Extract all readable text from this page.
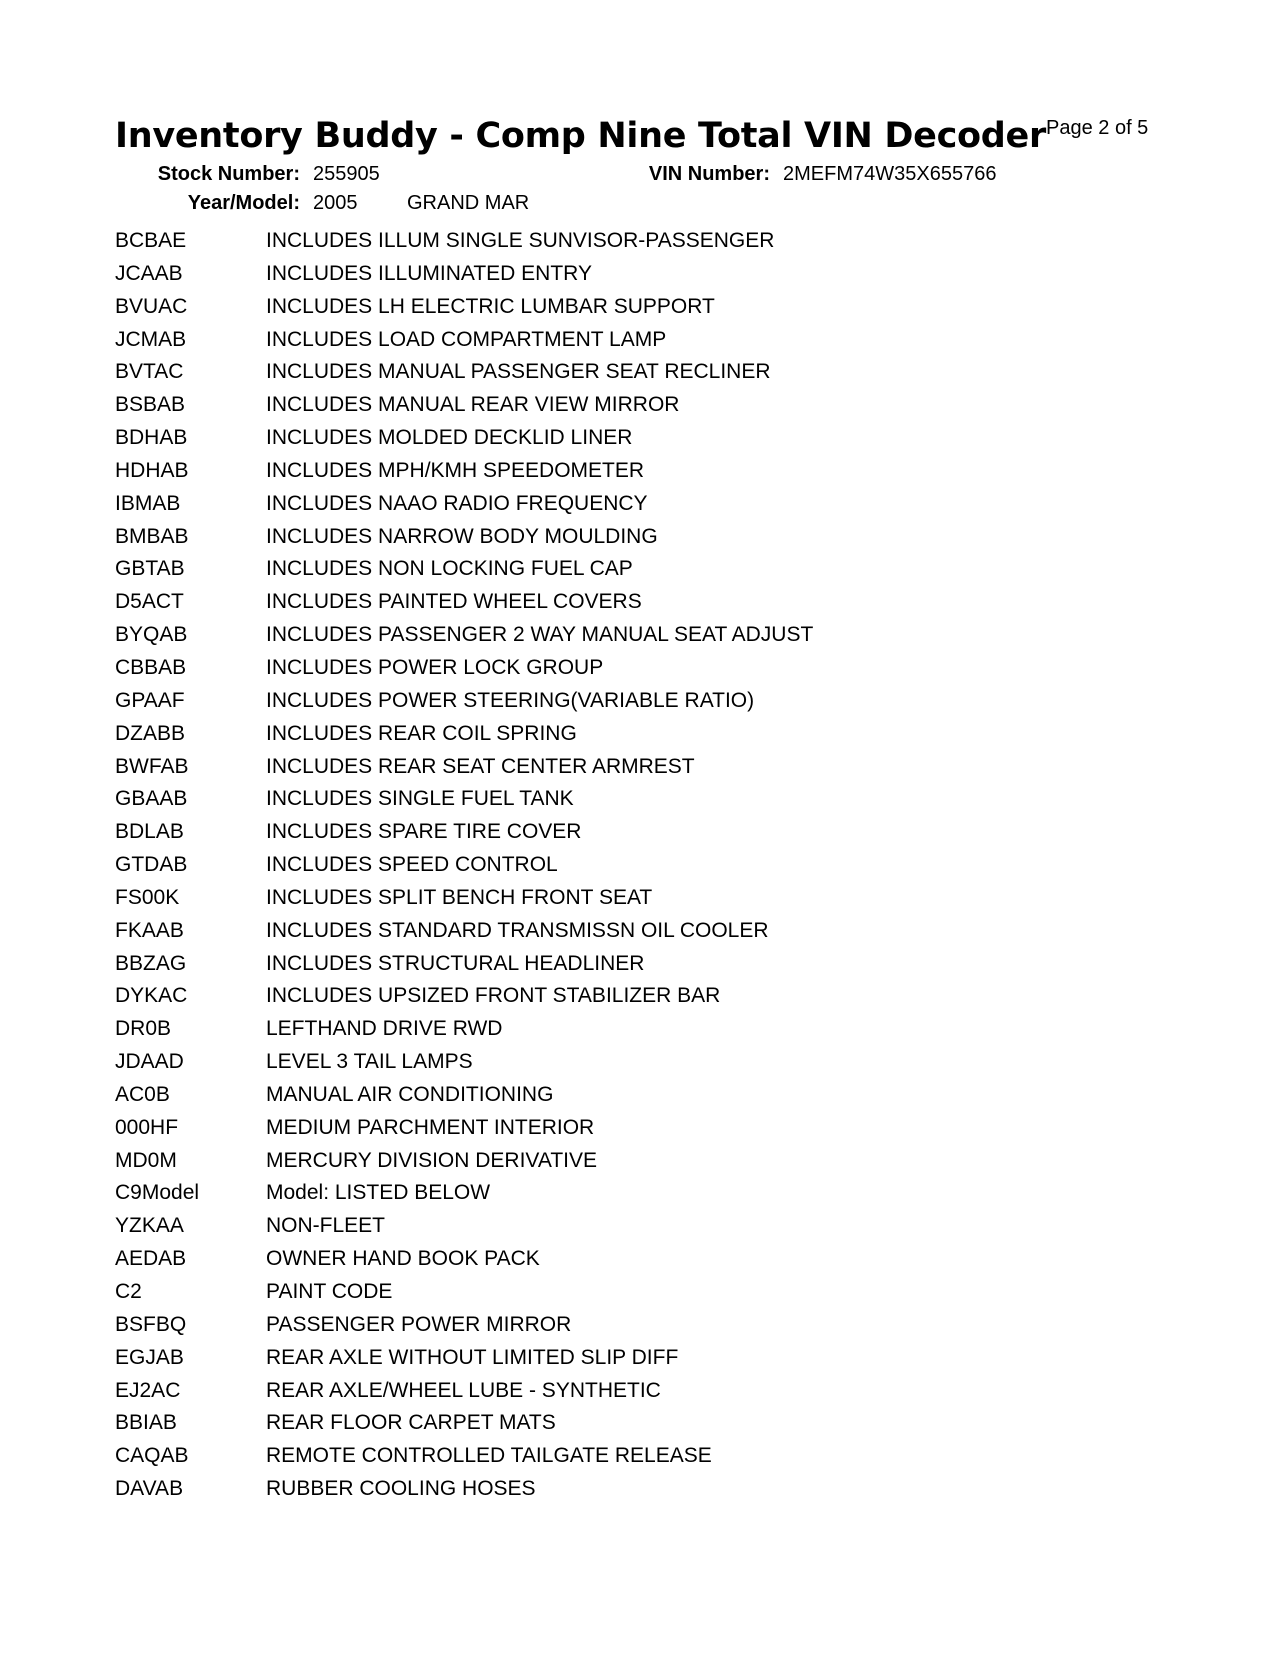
Inventory Buddy - Comp Nine Total VIN Decoder Page 2 of 5
Stock Number: 255905	VIN Number: 2MEFM74W35X655766
Year/Model: 2005 GRAND MAR
BCBAE	INCLUDES ILLUM SINGLE SUNVISOR-PASSENGER
JCAAB	INCLUDES ILLUMINATED ENTRY
BVUAC	INCLUDES LH ELECTRIC LUMBAR SUPPORT
JCMAB	INCLUDES LOAD COMPARTMENT LAMP
BVTAC	INCLUDES MANUAL PASSENGER SEAT RECLINER
BSBAB	INCLUDES MANUAL REAR VIEW MIRROR
BDHAB	INCLUDES MOLDED DECKLID LINER
HDHAB	INCLUDES MPH/KMH SPEEDOMETER
IBMAB	INCLUDES NAAO RADIO FREQUENCY
BMBAB	INCLUDES NARROW BODY MOULDING
GBTAB	INCLUDES NON LOCKING FUEL CAP
D5ACT	INCLUDES PAINTED WHEEL COVERS
BYQAB	INCLUDES PASSENGER 2 WAY MANUAL SEAT ADJUST
CBBAB	INCLUDES POWER LOCK GROUP
GPAAF	INCLUDES POWER STEERING(VARIABLE RATIO)
DZABB	INCLUDES REAR COIL SPRING
BWFAB	INCLUDES REAR SEAT CENTER ARMREST
GBAAB	INCLUDES SINGLE FUEL TANK
BDLAB	INCLUDES SPARE TIRE COVER
GTDAB	INCLUDES SPEED CONTROL
FS00K	INCLUDES SPLIT BENCH FRONT SEAT
FKAAB	INCLUDES STANDARD TRANSMISSN OIL COOLER
BBZAG	INCLUDES STRUCTURAL HEADLINER
DYKAC	INCLUDES UPSIZED FRONT STABILIZER BAR
DR0B	LEFTHAND DRIVE RWD
JDAAD	LEVEL 3 TAIL LAMPS
AC0B	MANUAL AIR CONDITIONING
000HF	MEDIUM PARCHMENT INTERIOR
MD0M	MERCURY DIVISION DERIVATIVE
C9Model	Model: LISTED BELOW
YZKAA	NON-FLEET
AEDAB	OWNER HAND BOOK PACK
C2	PAINT CODE
BSFBQ	PASSENGER POWER MIRROR
EGJAB	REAR AXLE WITHOUT LIMITED SLIP DIFF
EJ2AC	REAR AXLE/WHEEL LUBE - SYNTHETIC
BBIAB	REAR FLOOR CARPET MATS
CAQAB	REMOTE CONTROLLED TAILGATE RELEASE
DAVAB	RUBBER COOLING HOSES
